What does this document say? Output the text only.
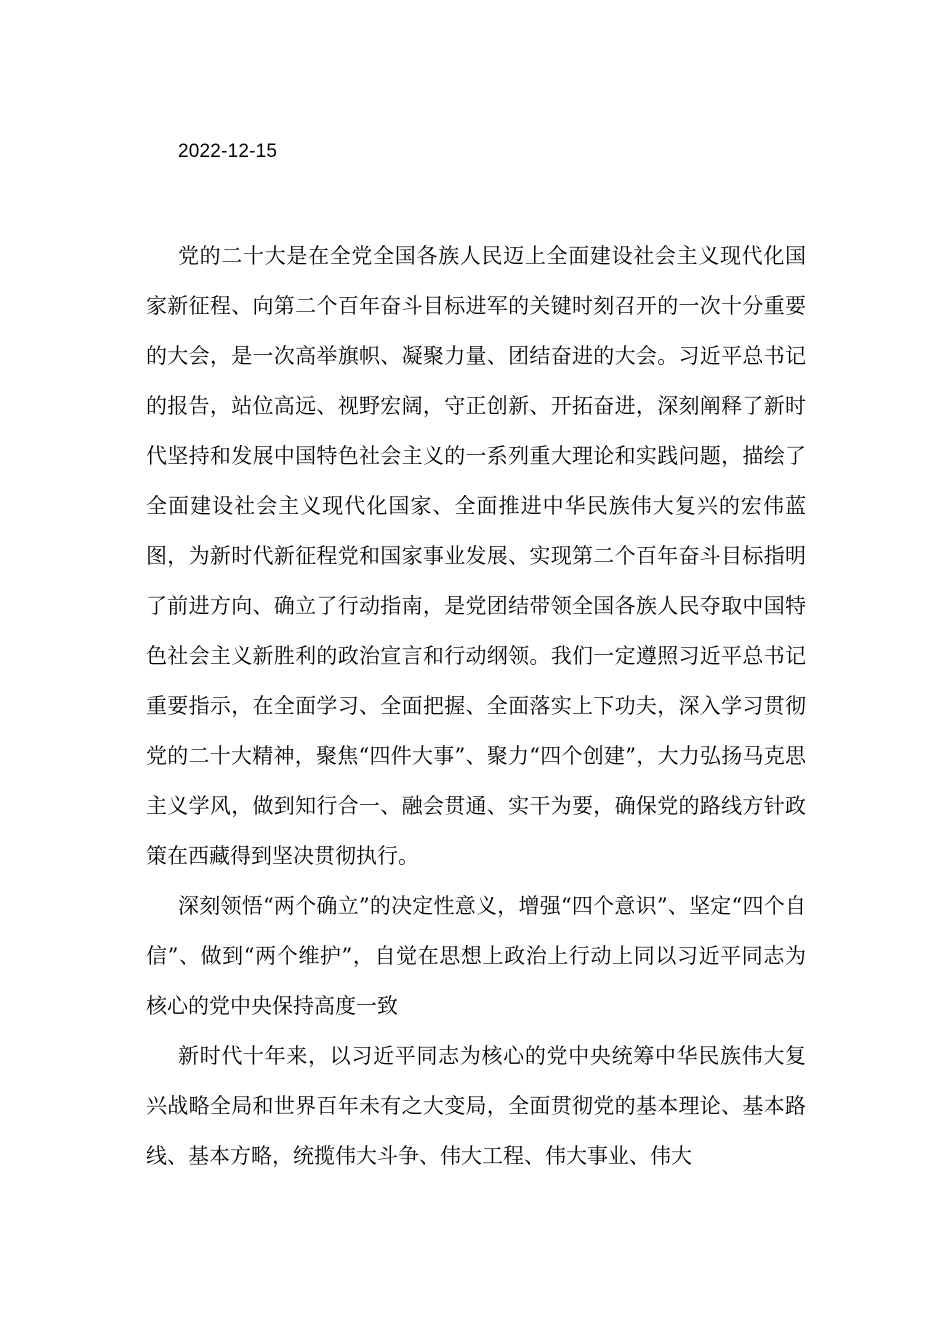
2022-12-15

党的二十大是在全党全国各族人民迈上全面建设社会主义现代化国家新征程、向第二个百年奋斗目标进军的关键时刻召开的一次十分重要的大会，是一次高举旗帜、凝聚力量、团结奋进的大会。习近平总书记的报告，站位高远、视野宏阔，守正创新、开拓奋进，深刻阐释了新时代坚持和发展中国特色社会主义的一系列重大理论和实践问题，描绘了全面建设社会主义现代化国家、全面推进中华民族伟大复兴的宏伟蓝图，为新时代新征程党和国家事业发展、实现第二个百年奋斗目标指明了前进方向、确立了行动指南，是党团结带领全国各族人民夺取中国特色社会主义新胜利的政治宣言和行动纲领。我们一定遵照习近平总书记重要指示，在全面学习、全面把握、全面落实上下功夫，深入学习贯彻党的二十大精神，聚焦“四件大事”、聚力“四个创建”，大力弘扬马克思主义学风，做到知行合一、融会贯通、实干为要，确保党的路线方针政策在西藏得到坚决贯彻执行。

深刻领悟“两个确立”的决定性意义，增强“四个意识”、坚定“四个自信”、做到“两个维护”，自觉在思想上政治上行动上同以习近平同志为核心的党中央保持高度一致

新时代十年来，以习近平同志为核心的党中央统筹中华民族伟大复兴战略全局和世界百年未有之大变局，全面贯彻党的基本理论、基本路线、基本方略，统揽伟大斗争、伟大工程、伟大事业、伟大
